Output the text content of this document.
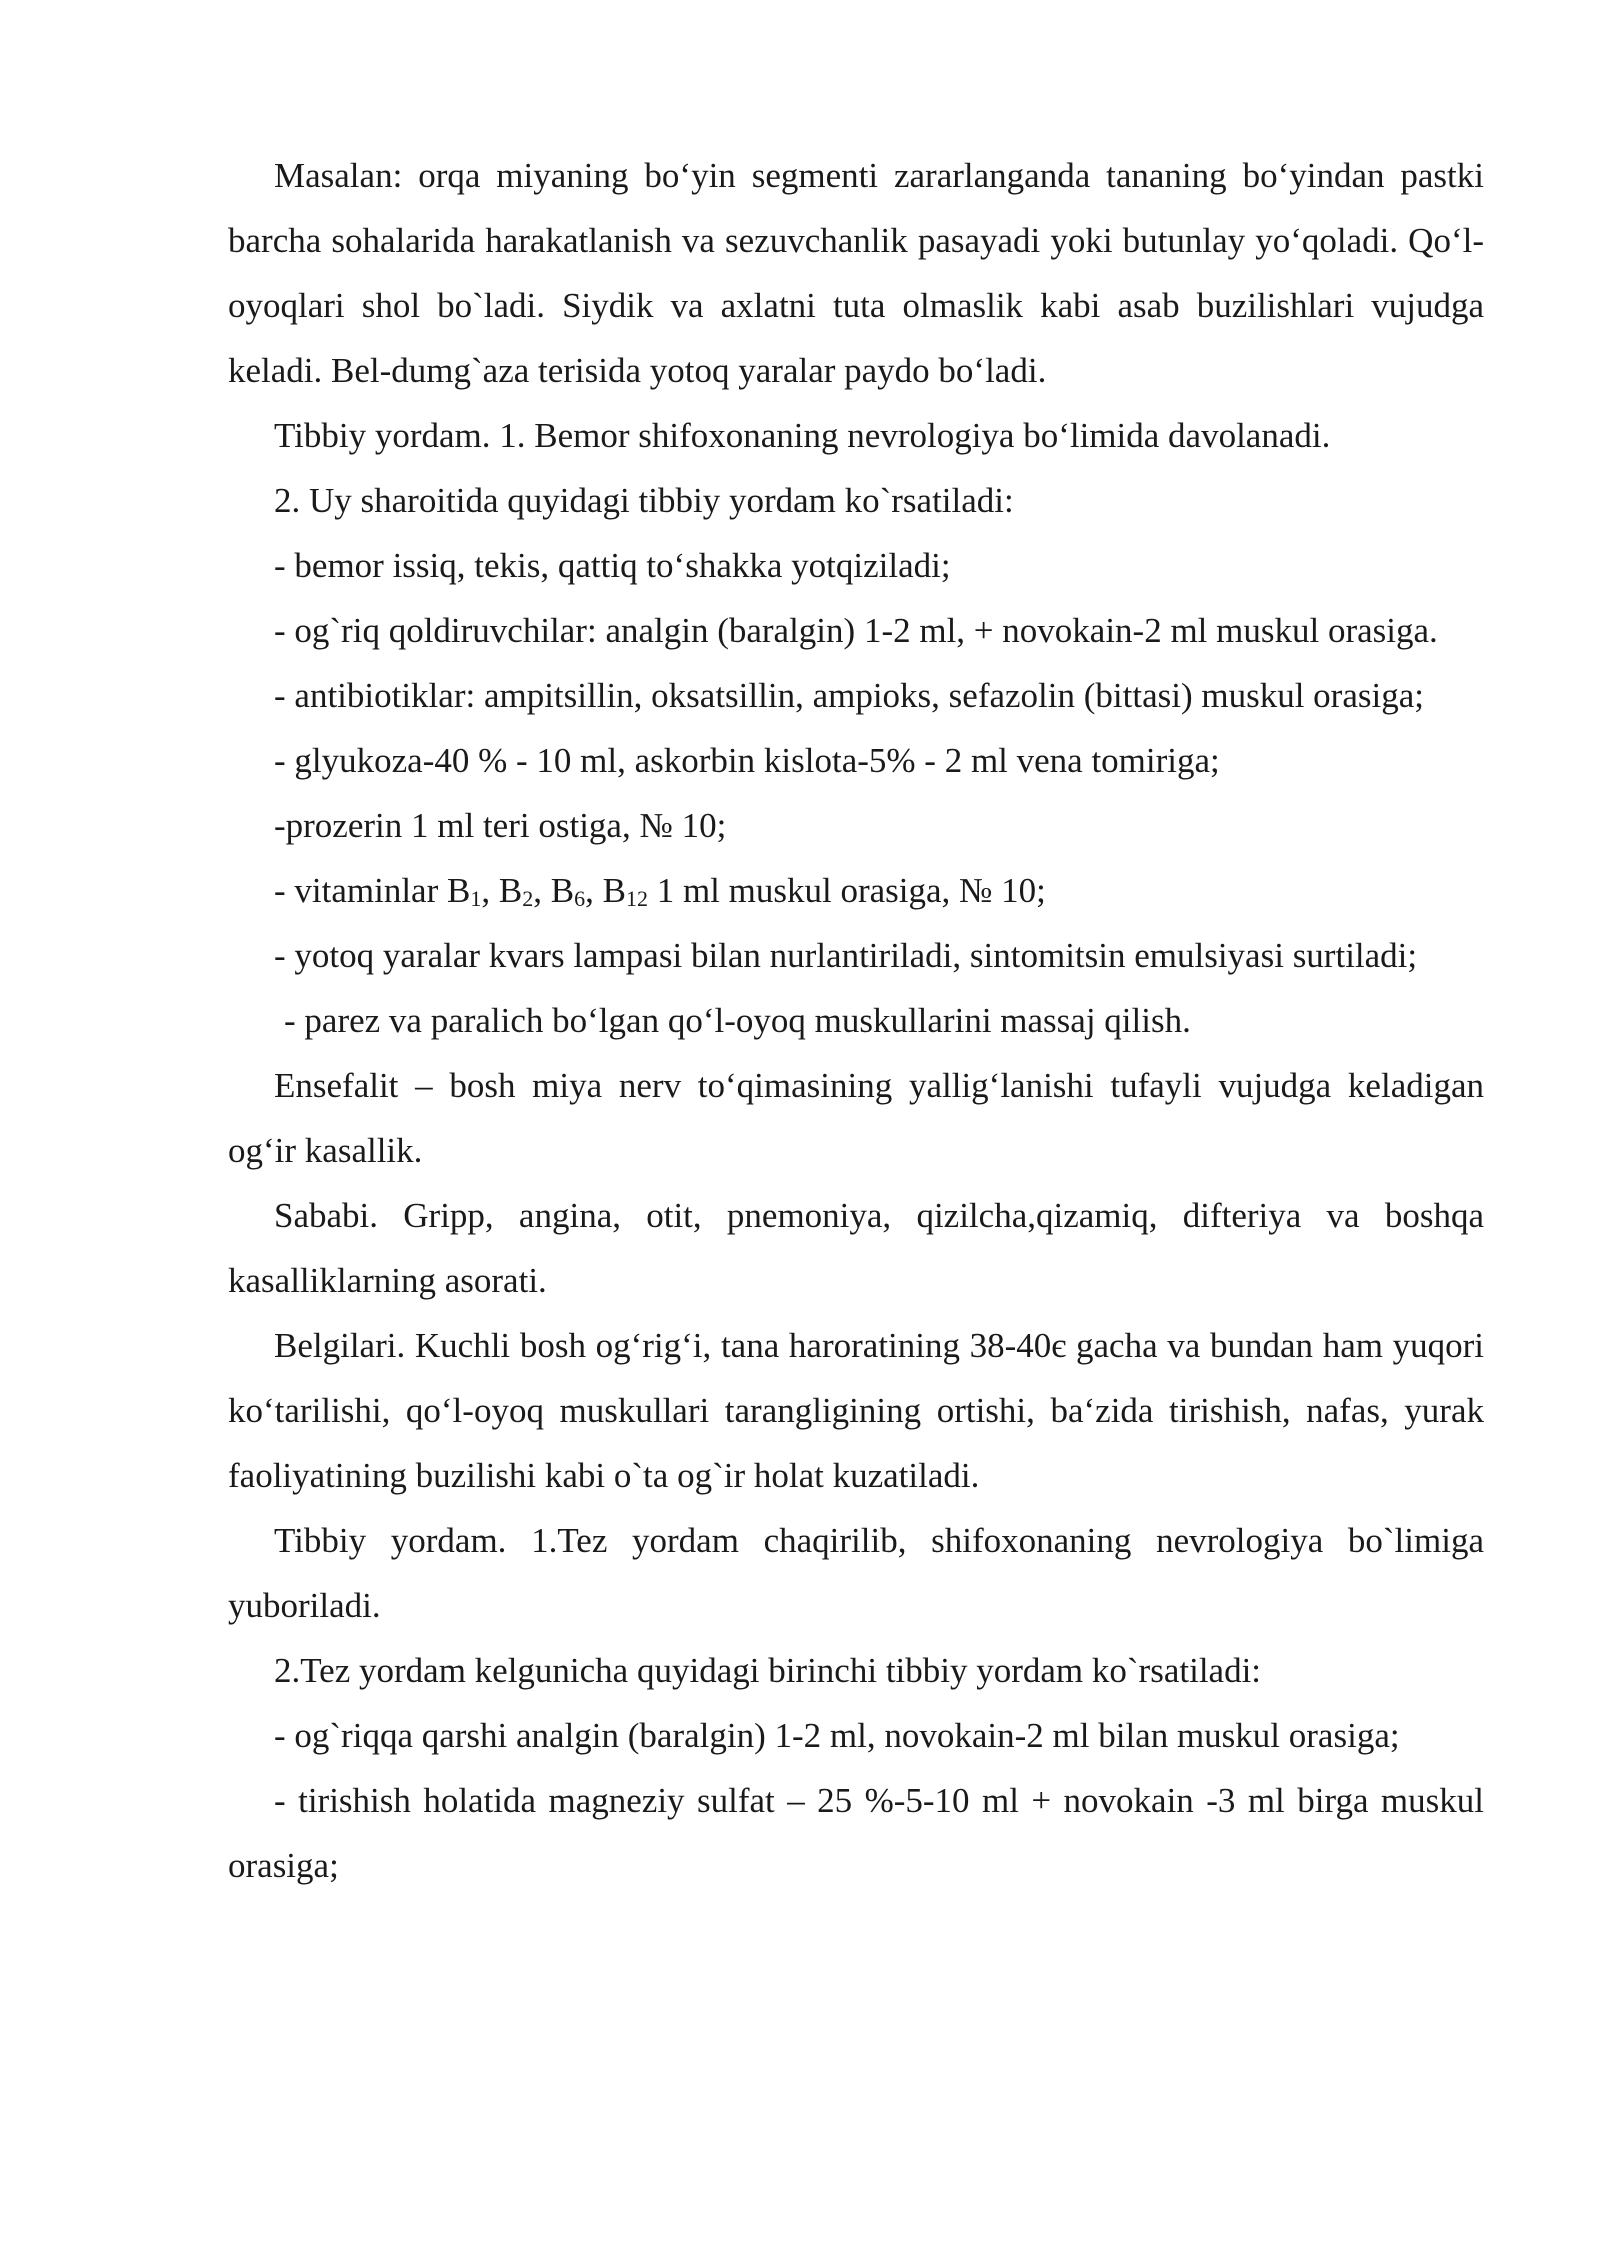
Masalan: orqa miyaning bo‘yin segmenti zararlanganda tananing bo‘yindan pastki barcha sohalarida harakatlanish va sezuvchanlik pasayadi yoki butunlay yo‘qoladi. Qo‘l-oyoqlari shol bo`ladi. Siydik va axlatni tuta olmaslik kabi asab buzilishlari vujudga keladi. Bel-dumg`aza terisida yotoq yaralar paydo bo‘ladi.

Tibbiy yordam. 1. Bemor shifoxonaning nevrologiya bo‘limida davolanadi.

2. Uy sharoitida quyidagi tibbiy yordam ko`rsatiladi:

- bemor issiq, tekis, qattiq to‘shakka yotqiziladi;

- og`riq qoldiruvchilar: analgin (baralgin) 1-2 ml, + novokain-2 ml muskul orasiga.

- antibiotiklar: ampitsillin, oksatsillin, ampioks, sefazolin (bittasi) muskul orasiga;

- glyukoza-40 % - 10 ml, askorbin kislota-5% - 2 ml vena tomiriga;

-prozerin 1 ml teri ostiga, № 10;

- vitaminlar $B_1$, $B_2$, $B_6$, $B_{12}$ 1 ml muskul orasiga, № 10;

- yotoq yaralar kvars lampasi bilan nurlantiriladi, sintomitsin emulsiyasi surtiladi;

- parez va paralich bo‘lgan qo‘l-oyoq muskullarini massaj qilish.

Ensefalit – bosh miya nerv to‘qimasining yallig‘lanishi tufayli vujudga keladigan og‘ir kasallik.

Sababi. Gripp, angina, otit, pnemoniya, qizilcha,qizamiq, difteriya va boshqa kasalliklarning asorati.

Belgilari. Kuchli bosh og‘rig‘i, tana haroratining 38-40є gacha va bundan ham yuqori ko‘tarilishi, qo‘l-oyoq muskullari tarangligining ortishi, ba‘zida tirishish, nafas, yurak faoliyatining buzilishi kabi o`ta og`ir holat kuzatiladi.

Tibbiy yordam. 1.Tez yordam chaqirilib, shifoxonaning nevrologiya bo`limiga yuboriladi.

2.Tez yordam kelgunicha quyidagi birinchi tibbiy yordam ko`rsatiladi:

- og`riqqa qarshi analgin (baralgin) 1-2 ml, novokain-2 ml bilan muskul orasiga;

- tirishish holatida magneziy sulfat – 25 %-5-10 ml + novokain -3 ml birga muskul orasiga;
